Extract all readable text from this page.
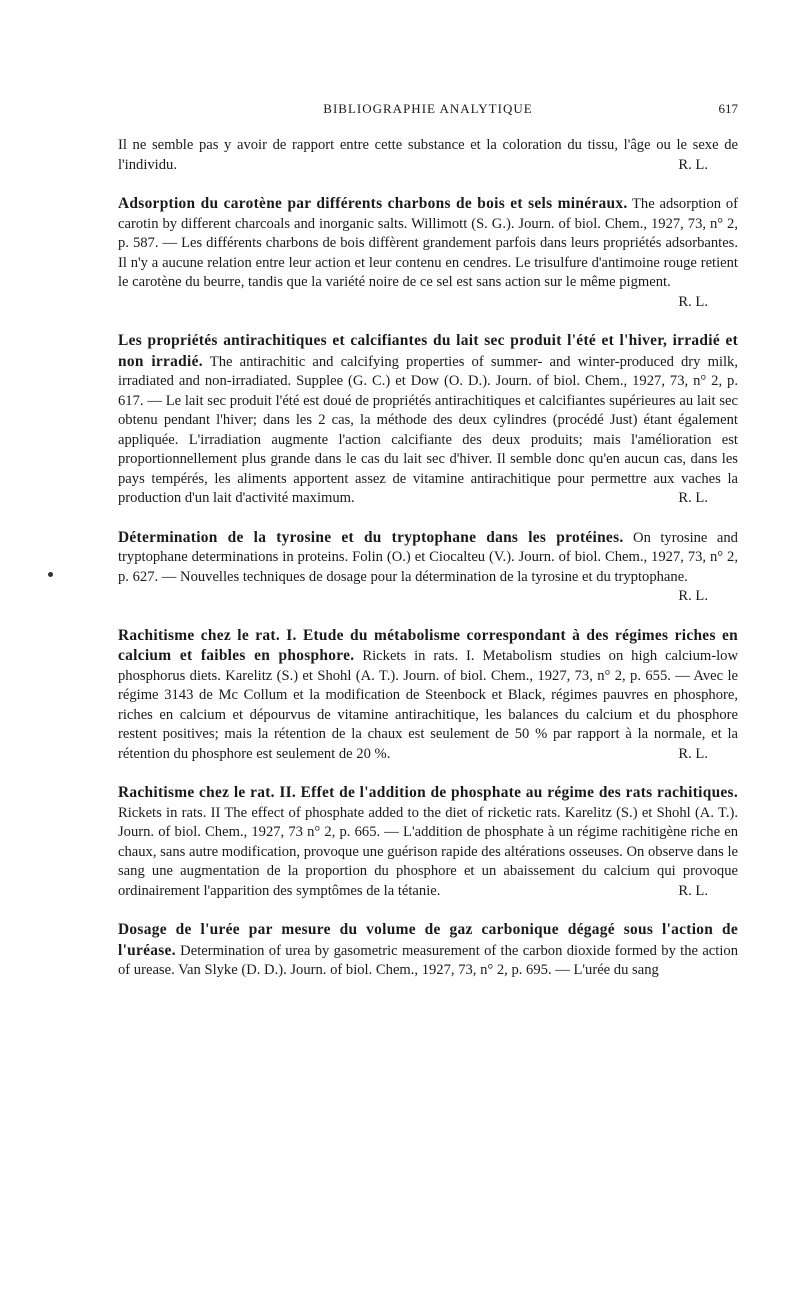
BIBLIOGRAPHIE ANALYTIQUE	617

Il ne semble pas y avoir de rapport entre cette substance et la coloration du tissu, l'âge ou le sexe de l'individu.	R. L.

Adsorption du carotène par différents charbons de bois et sels minéraux. The adsorption of carotin by different charcoals and inorganic salts. Willimott (S. G.). Journ. of biol. Chem., 1927, 73, n° 2, p. 587. — Les différents charbons de bois diffèrent grandement parfois dans leurs propriétés adsorbantes. Il n'y a aucune relation entre leur action et leur contenu en cendres. Le trisulfure d'antimoine rouge retient le carotène du beurre, tandis que la variété noire de ce sel est sans action sur le même pigment.
R. L.

Les propriétés antirachitiques et calcifiantes du lait sec produit l'été et l'hiver, irradié et non irradié. The antirachitic and calcifying properties of summer- and winter-produced dry milk, irradiated and non-irradiated. Supplee (G. C.) et Dow (O. D.). Journ. of biol. Chem., 1927, 73, n° 2, p. 617. — Le lait sec produit l'été est doué de propriétés antirachitiques et calcifiantes supérieures au lait sec obtenu pendant l'hiver; dans les 2 cas, la méthode des deux cylindres (procédé Just) étant également appliquée. L'irradiation augmente l'action calcifiante des deux produits; mais l'amélioration est proportionnellement plus grande dans le cas du lait sec d'hiver. Il semble donc qu'en aucun cas, dans les pays tempérés, les aliments apportent assez de vitamine antirachitique pour permettre aux vaches la production d'un lait d'activité maximum.	R. L.

Détermination de la tyrosine et du tryptophane dans les protéines. On tyrosine and tryptophane determinations in proteins. Folin (O.) et Ciocalteu (V.). Journ. of biol. Chem., 1927, 73, n° 2, p. 627. — Nouvelles techniques de dosage pour la détermination de la tyrosine et du tryptophane.
R. L.

Rachitisme chez le rat. I. Etude du métabolisme correspondant à des régimes riches en calcium et faibles en phosphore. Rickets in rats. I. Metabolism studies on high calcium-low phosphorus diets. Karelitz (S.) et Shohl (A. T.). Journ. of biol. Chem., 1927, 73, n° 2, p. 655. — Avec le régime 3143 de Mc Collum et la modification de Steenbock et Black, régimes pauvres en phosphore, riches en calcium et dépourvus de vitamine antirachitique, les balances du calcium et du phosphore restent positives; mais la rétention de la chaux est seulement de 50 % par rapport à la normale, et la rétention du phosphore est seulement de 20 %.	R. L.

Rachitisme chez le rat. II. Effet de l'addition de phosphate au régime des rats rachitiques. Rickets in rats. II The effect of phosphate added to the diet of ricketic rats. Karelitz (S.) et Shohl (A. T.). Journ. of biol. Chem., 1927, 73 n° 2, p. 665. — L'addition de phosphate à un régime rachitigène riche en chaux, sans autre modification, provoque une guérison rapide des altérations osseuses. On observe dans le sang une augmentation de la proportion du phosphore et un abaissement du calcium qui provoque ordinairement l'apparition des symptômes de la tétanie.	R. L.

Dosage de l'urée par mesure du volume de gaz carbonique dégagé sous l'action de l'uréase. Determination of urea by gasometric measurement of the carbon dioxide formed by the action of urease. Van Slyke (D. D.). Journ. of biol. Chem., 1927, 73, n° 2, p. 695. — L'urée du sang
